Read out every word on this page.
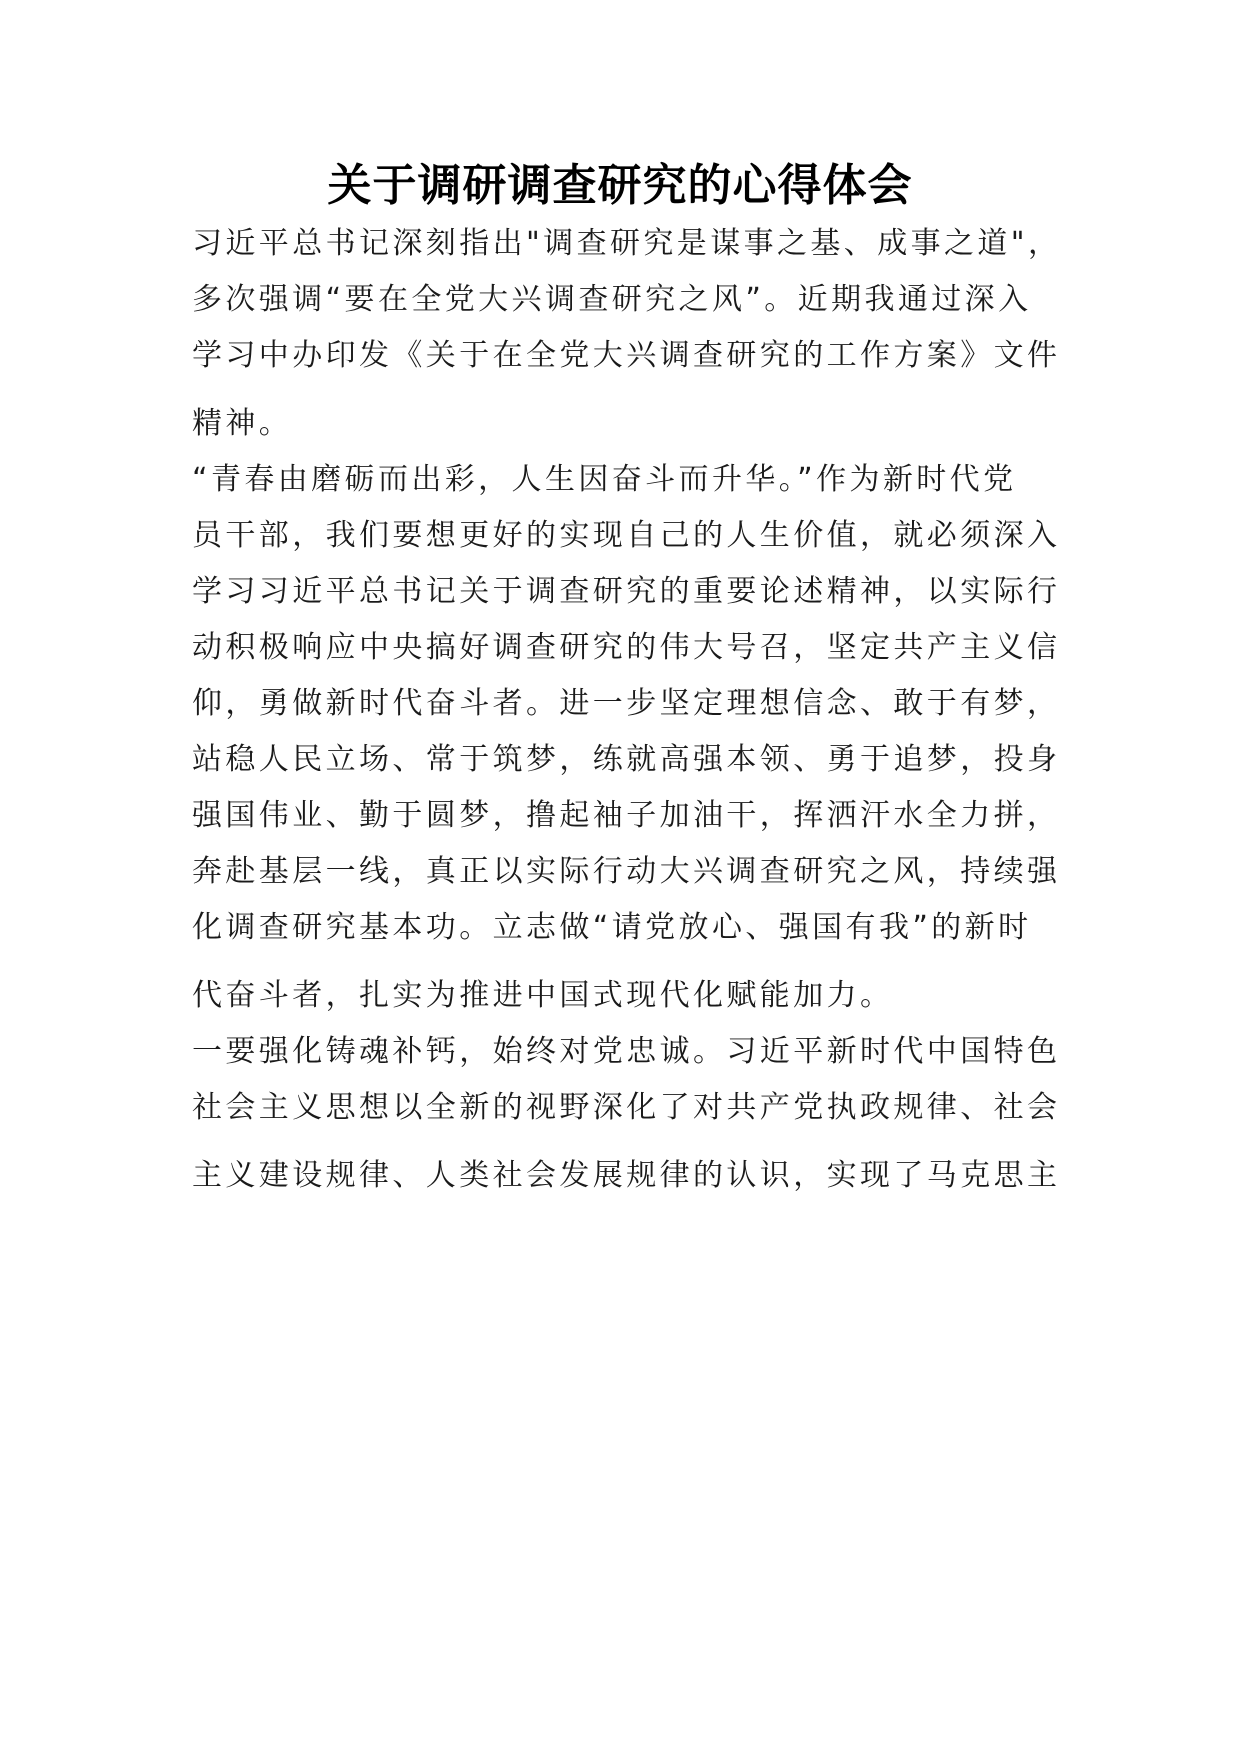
关于调研调查研究的心得体会
习近平总书记深刻指出"调查研究是谋事之基、成事之道"，
多次强调“要在全党大兴调查研究之风”。近期我通过深入
学习中办印发《关于在全党大兴调查研究的工作方案》文件
精神。
“青春由磨砺而出彩，人生因奋斗而升华。”作为新时代党
员干部，我们要想更好的实现自己的人生价值，就必须深入
学习习近平总书记关于调查研究的重要论述精神，以实际行
动积极响应中央搞好调查研究的伟大号召，坚定共产主义信
仰，勇做新时代奋斗者。进一步坚定理想信念、敢于有梦，
站稳人民立场、常于筑梦，练就高强本领、勇于追梦，投身
强国伟业、勤于圆梦，撸起袖子加油干，挥洒汗水全力拼，
奔赴基层一线，真正以实际行动大兴调查研究之风，持续强
化调查研究基本功。立志做“请党放心、强国有我”的新时
代奋斗者，扎实为推进中国式现代化赋能加力。
一要强化铸魂补钙，始终对党忠诚。习近平新时代中国特色
社会主义思想以全新的视野深化了对共产党执政规律、社会
主义建设规律、人类社会发展规律的认识，实现了马克思主
